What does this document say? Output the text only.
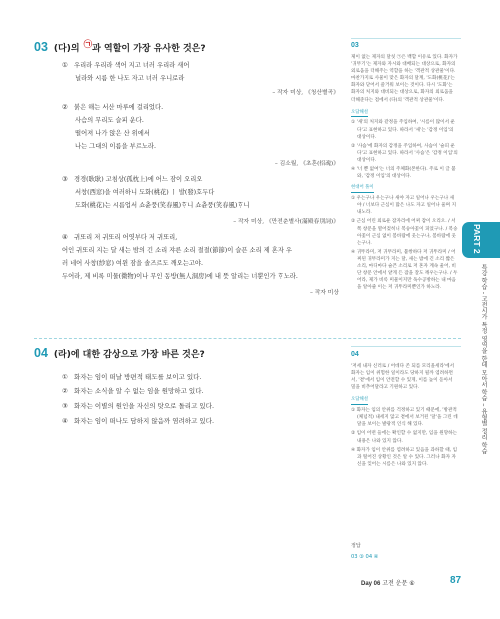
03 (다)의 ㉠과 역할이 가장 유사한 것은?
① 우리라 우리라 색어 지고 너러 우리라 새어
널라와 시름 한 나도 자고 너러 우니로라
– 작자 미상, 《청산별곡》
② 붉은 해는 서산 마루에 걸리었다.
사슴의 무리도 슬피 운다.
떨어져 나가 앉은 산 위에서
나는 그대의 이름을 부르노라.
– 김소월, 《초혼(招魂)》
③ 경경(耿耿) 고침상(孤枕上)에 어느 잠이 오리오
서창(西窓)을 여러하니 도화(桃花) ㅣ 발(發)호두다
도화(桃花)는 시름업서 쇼츈풍(笑春風)ᄒᆞ니 쇼츈풍(笑春風)ᄒᆞ니
– 작자 미상, 《만전춘별사(滿殿春別詞)》
④ 귀또리 저 귀또리 어엿부다 저 귀또리,
어인 귀또리 지는 달 새는 밤의 긴 소리 쟈른 소리 절절(節節)이 슬픈 소리 제 혼자 우
러 네어 사창(紗窓) 여윈 잠을 솔즈르도 깨오는고야.
두어라, 제 비록 미물(微物)이나 무인 동방(無人洞房)에 내 뜻 알리는 너뿐인가 ᄒᆞ노라.
– 작자 미상
04 (라)에 대한 감상으로 가장 바른 것은?
① 화자는 임이 떠날 방편적 태도를 보이고 있다.
② 화자는 소식을 알 수 없는 임을 원망하고 있다.
③ 화자는 이별의 원인을 자신의 탓으로 돌리고 있다.
④ 화자는 임이 떠나도 담하지 않음까 염려하고 있다.
03

제이 없는 제자의 달칫 ㉠은 백합 이유로 있다. 화자가 '귀뚜기'는 제자와 자시와 대배되는 대상으로, 화자의 외로움을 더해주는 역할을 하는 '객관적 상관물'이다. 마찬가지로 사물이 맞은 화자의 달계, '도화(桃花)'는 화자와 닫어서 즐거워 보이는 것이다. 다시 '도화'는 화자의 처지와 대비되는 대상으로, 화자의 외로움을 더해준다는 점에서 (다)의 '객관적 상관물'이다.

오답해설

① '새'의 처지와 같정을 주입하여, '시름이 많이서 운다'고 표현하고 있다. 따라서 '새'는 '감정 이입'의 대상이다.

② '사슴'에 화자의 감정을 주입하여, 사슴이 '슬피 운다'고 표현하고 있다. 따라서 '사슴'은 '감정 이입'의 대상이다.

④ '너 뿐 없여'는 너의 주체화(본한다). 주로 이 글 불와, '감정 이입'의 대상이다.

현대어 풀이

① 우는구나 우는구나 새야 자고 일어나 우는구나 새야 / 너보다 근심이 많은 나도 자고 일어나 울며 지내노라.

② 근심 어린 외로운 잠자리에 어찌 잠이 오리오. / 서쪽 창문을 열어젖히니 복숭아꽃이 피었구나. / 복숭아꽃이 근심 없이 봄바람에 웃는구나, 봄바람에 웃는구나.

④ 귀뚜라미, 저 귀뚜라미, 불쌍하다 저 귀뚜라미 / 어찌된 귀뚜라미가 지는 달, 새는 밤에 긴 소리 짧은 소리, 마디마다 슬픈 소리로 저 혼자 계속 울어, 비단 창문 안에서 얕게 든 잠을 잘도 깨우는구나. / 두어라, 제가 비록 미물이지만 독수공방하는 내 마음을 알아줄 이는 저 귀뚜라미뿐인가 하노라.

04

'저세 내자 신러로 / 어데다 존 되를 모리올세라'에서 화자는 임이 위험한 일이라도 당하지 될까 염려하면서, '곁'에서 임이 안전할 수 있게, 이를 높이 돋아서 밀을 비추어달라고 기원하고 있다.

오답해설

① 화자는 임의 안위를 걱정하고 있기 때문에, '방관적(체념적) 내세지 않고 곁에서 보거된 '달'을 그린 데 달을 보이는 발광적 인식 해 있다.

② 임이 어떤 들에는 확인할 수 없지만, 임을 원망하는 내용은 나와 있지 않다.

④ 화자가 임이 안위를 염려하고 있음을 과하할 때, 임과 떨어진 상황인 것은 알 수 있다. 그러나 화자 자신을 잊어는 시름은 나와 있지 않다.

정답
03 ③ 04 ④
PART 2
특강 학습 - 고전시가 특정 영역을 한데 모아서 학습 – 유형별 정리 학습
Day 06 고전 운문 ⑥	87
